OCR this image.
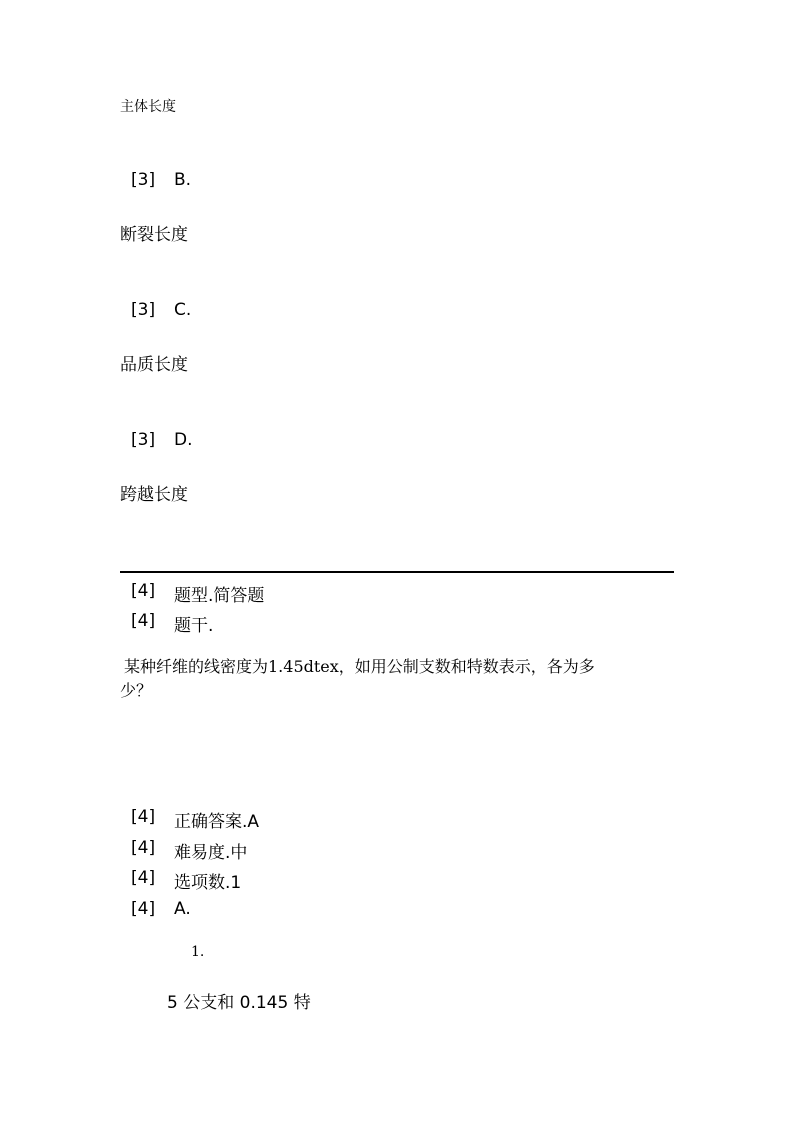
主体长度
[3] B.
断裂长度
[3] C.
品质长度
[3] D.
跨越长度
[4] 题型.简答题
[4] 题干.
某种纤维的线密度为1.45dtex，如用公制支数和特数表示，各为多
少？
[4] 正确答案.A
[4] 难易度.中
[4] 选项数.1
[4] A.
1.
5 公支和 0.145 特
